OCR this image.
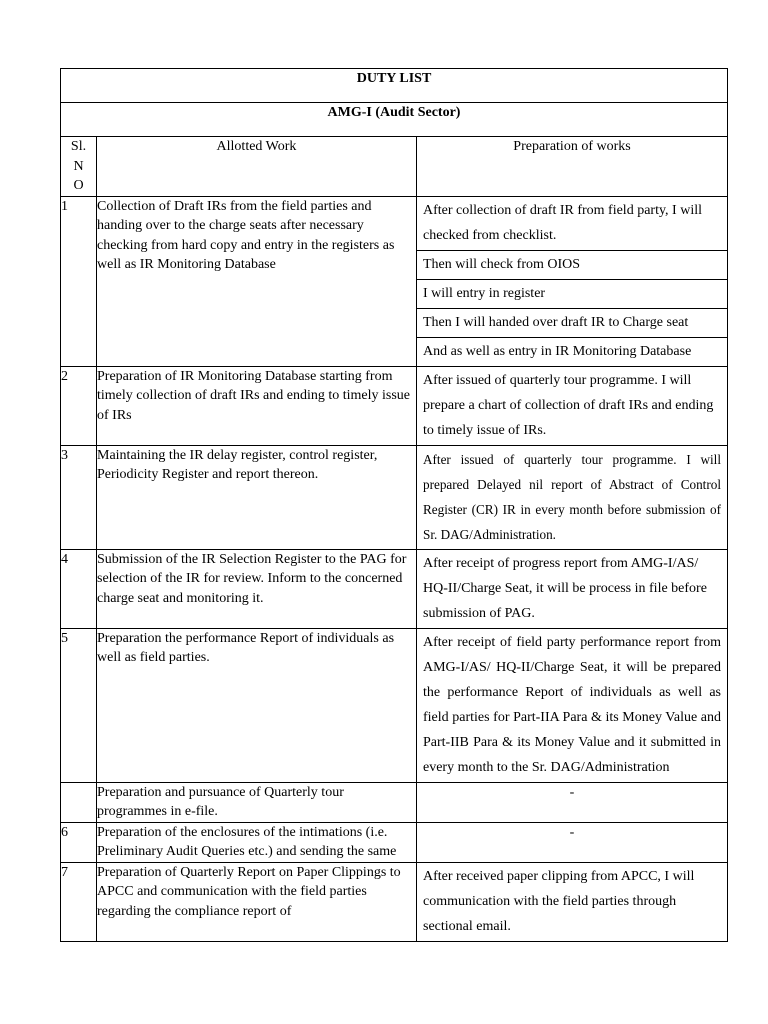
DUTY LIST		
AMG-I (Audit Sector)		

Sl. N O	Allotted Work	Preparation of works
1	Collection of Draft IRs from the field parties and handing over to the charge seats after necessary checking from hard copy and entry in the registers as well as IR Monitoring Database	After collection of draft IR from field party, I will checked from checklist.
Then will check from OIOS
I will entry in register
Then I will handed over draft IR to Charge seat
And as well as entry in IR Monitoring Database

2	Preparation of IR Monitoring Database starting from timely collection of draft IRs and ending to timely issue of IRs	After issued of quarterly tour programme. I will prepare a chart of collection of draft IRs and ending to timely issue of IRs.

3	Maintaining the IR delay register, control register, Periodicity Register and report thereon.	After issued of quarterly tour programme. I will prepared Delayed nil report of Abstract of Control Register (CR) IR in every month before submission of Sr. DAG/Administration.

4	Submission of the IR Selection Register to the PAG for selection of the IR for review. Inform to the concerned charge seat and monitoring it.	After receipt of progress report from AMG-I/AS/ HQ-II/Charge Seat, it will be process in file before submission of PAG.

5	Preparation the performance Report of individuals as well as field parties.	After receipt of field party performance report from AMG-I/AS/ HQ-II/Charge Seat, it will be prepared the performance Report of individuals as well as field parties for Part-IIA Para & its Money Value and Part-IIB Para & its Money Value and it submitted in every month to the Sr. DAG/Administration

	Preparation and pursuance of Quarterly tour programmes in e-file.	-
6	Preparation of the enclosures of the intimations (i.e. Preliminary Audit Queries etc.) and sending the same	-
7	Preparation of Quarterly Report on Paper Clippings to APCC and communication with the field parties regarding the compliance report of	After received paper clipping from APCC, I will communication with the field parties through sectional email.
